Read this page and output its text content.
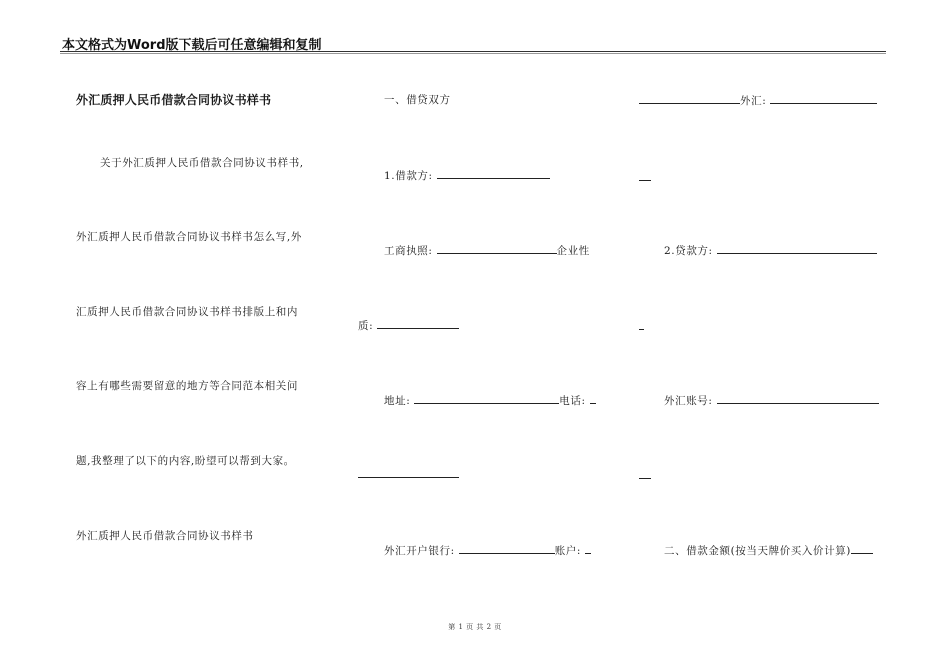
本文格式为Word版下载后可任意编辑和复制
外汇质押人民币借款合同协议书样书
关于外汇质押人民币借款合同协议书样书,
外汇质押人民币借款合同协议书样书怎么写,外
汇质押人民币借款合同协议书样书排版上和内
容上有哪些需要留意的地方等合同范本相关问
题,我整理了以下的内容,盼望可以帮到大家。
外汇质押人民币借款合同协议书样书
一、借贷双方
1.借款方:
工商执照:	企业性
质:
地址:	电话:
外汇开户银行:	账户:
外汇:
2.贷款方:
外汇账号:
二、借款金额(按当天牌价买入价计算)
第 1 页 共 2 页
